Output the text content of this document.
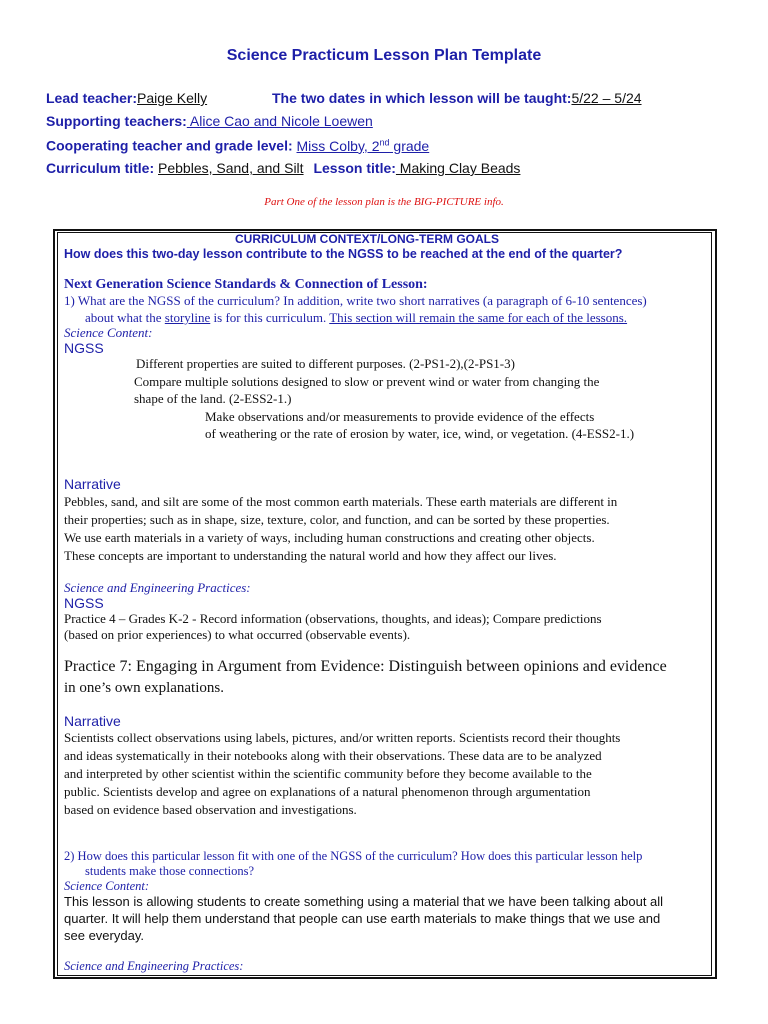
Science Practicum Lesson Plan Template
Lead teacher:Paige Kelly	The two dates in which lesson will be taught:5/22 – 5/24
Supporting teachers: Alice Cao and Nicole Loewen
Cooperating teacher and grade level: Miss Colby, 2nd grade
Curriculum title: Pebbles, Sand, and Silt Lesson title: Making Clay Beads
Part One of the lesson plan is the BIG-PICTURE info.
CURRICULUM CONTEXT/LONG-TERM GOALS
How does this two-day lesson contribute to the NGSS to be reached at the end of the quarter?
Next Generation Science Standards & Connection of Lesson:
1) What are the NGSS of the curriculum? In addition, write two short narratives (a paragraph of 6-10 sentences)
about what the storyline is for this curriculum. This section will remain the same for each of the lessons.
Science Content:
NGSS
Different properties are suited to different purposes. (2-PS1-2),(2-PS1-3)
Compare multiple solutions designed to slow or prevent wind or water from changing the
shape of the land. (2-ESS2-1.)
Make observations and/or measurements to provide evidence of the effects
of weathering or the rate of erosion by water, ice, wind, or vegetation. (4-ESS2-1.)
Narrative
Pebbles, sand, and silt are some of the most common earth materials. These earth materials are different in
their properties; such as in shape, size, texture, color, and function, and can be sorted by these properties.
We use earth materials in a variety of ways, including human constructions and creating other objects.
These concepts are important to understanding the natural world and how they affect our lives.
Science and Engineering Practices:
NGSS
Practice 4 – Grades K-2 - Record information (observations, thoughts, and ideas); Compare predictions
(based on prior experiences) to what occurred (observable events).
Practice 7: Engaging in Argument from Evidence: Distinguish between opinions and evidence
in one’s own explanations.
Narrative
Scientists collect observations using labels, pictures, and/or written reports. Scientists record their thoughts
and ideas systematically in their notebooks along with their observations. These data are to be analyzed
and interpreted by other scientist within the scientific community before they become available to the
public. Scientists develop and agree on explanations of a natural phenomenon through argumentation
based on evidence based observation and investigations.
2) How does this particular lesson fit with one of the NGSS of the curriculum? How does this particular lesson help
students make those connections?
Science Content:
This lesson is allowing students to create something using a material that we have been talking about all
quarter. It will help them understand that people can use earth materials to make things that we use and
see everyday.
Science and Engineering Practices:
